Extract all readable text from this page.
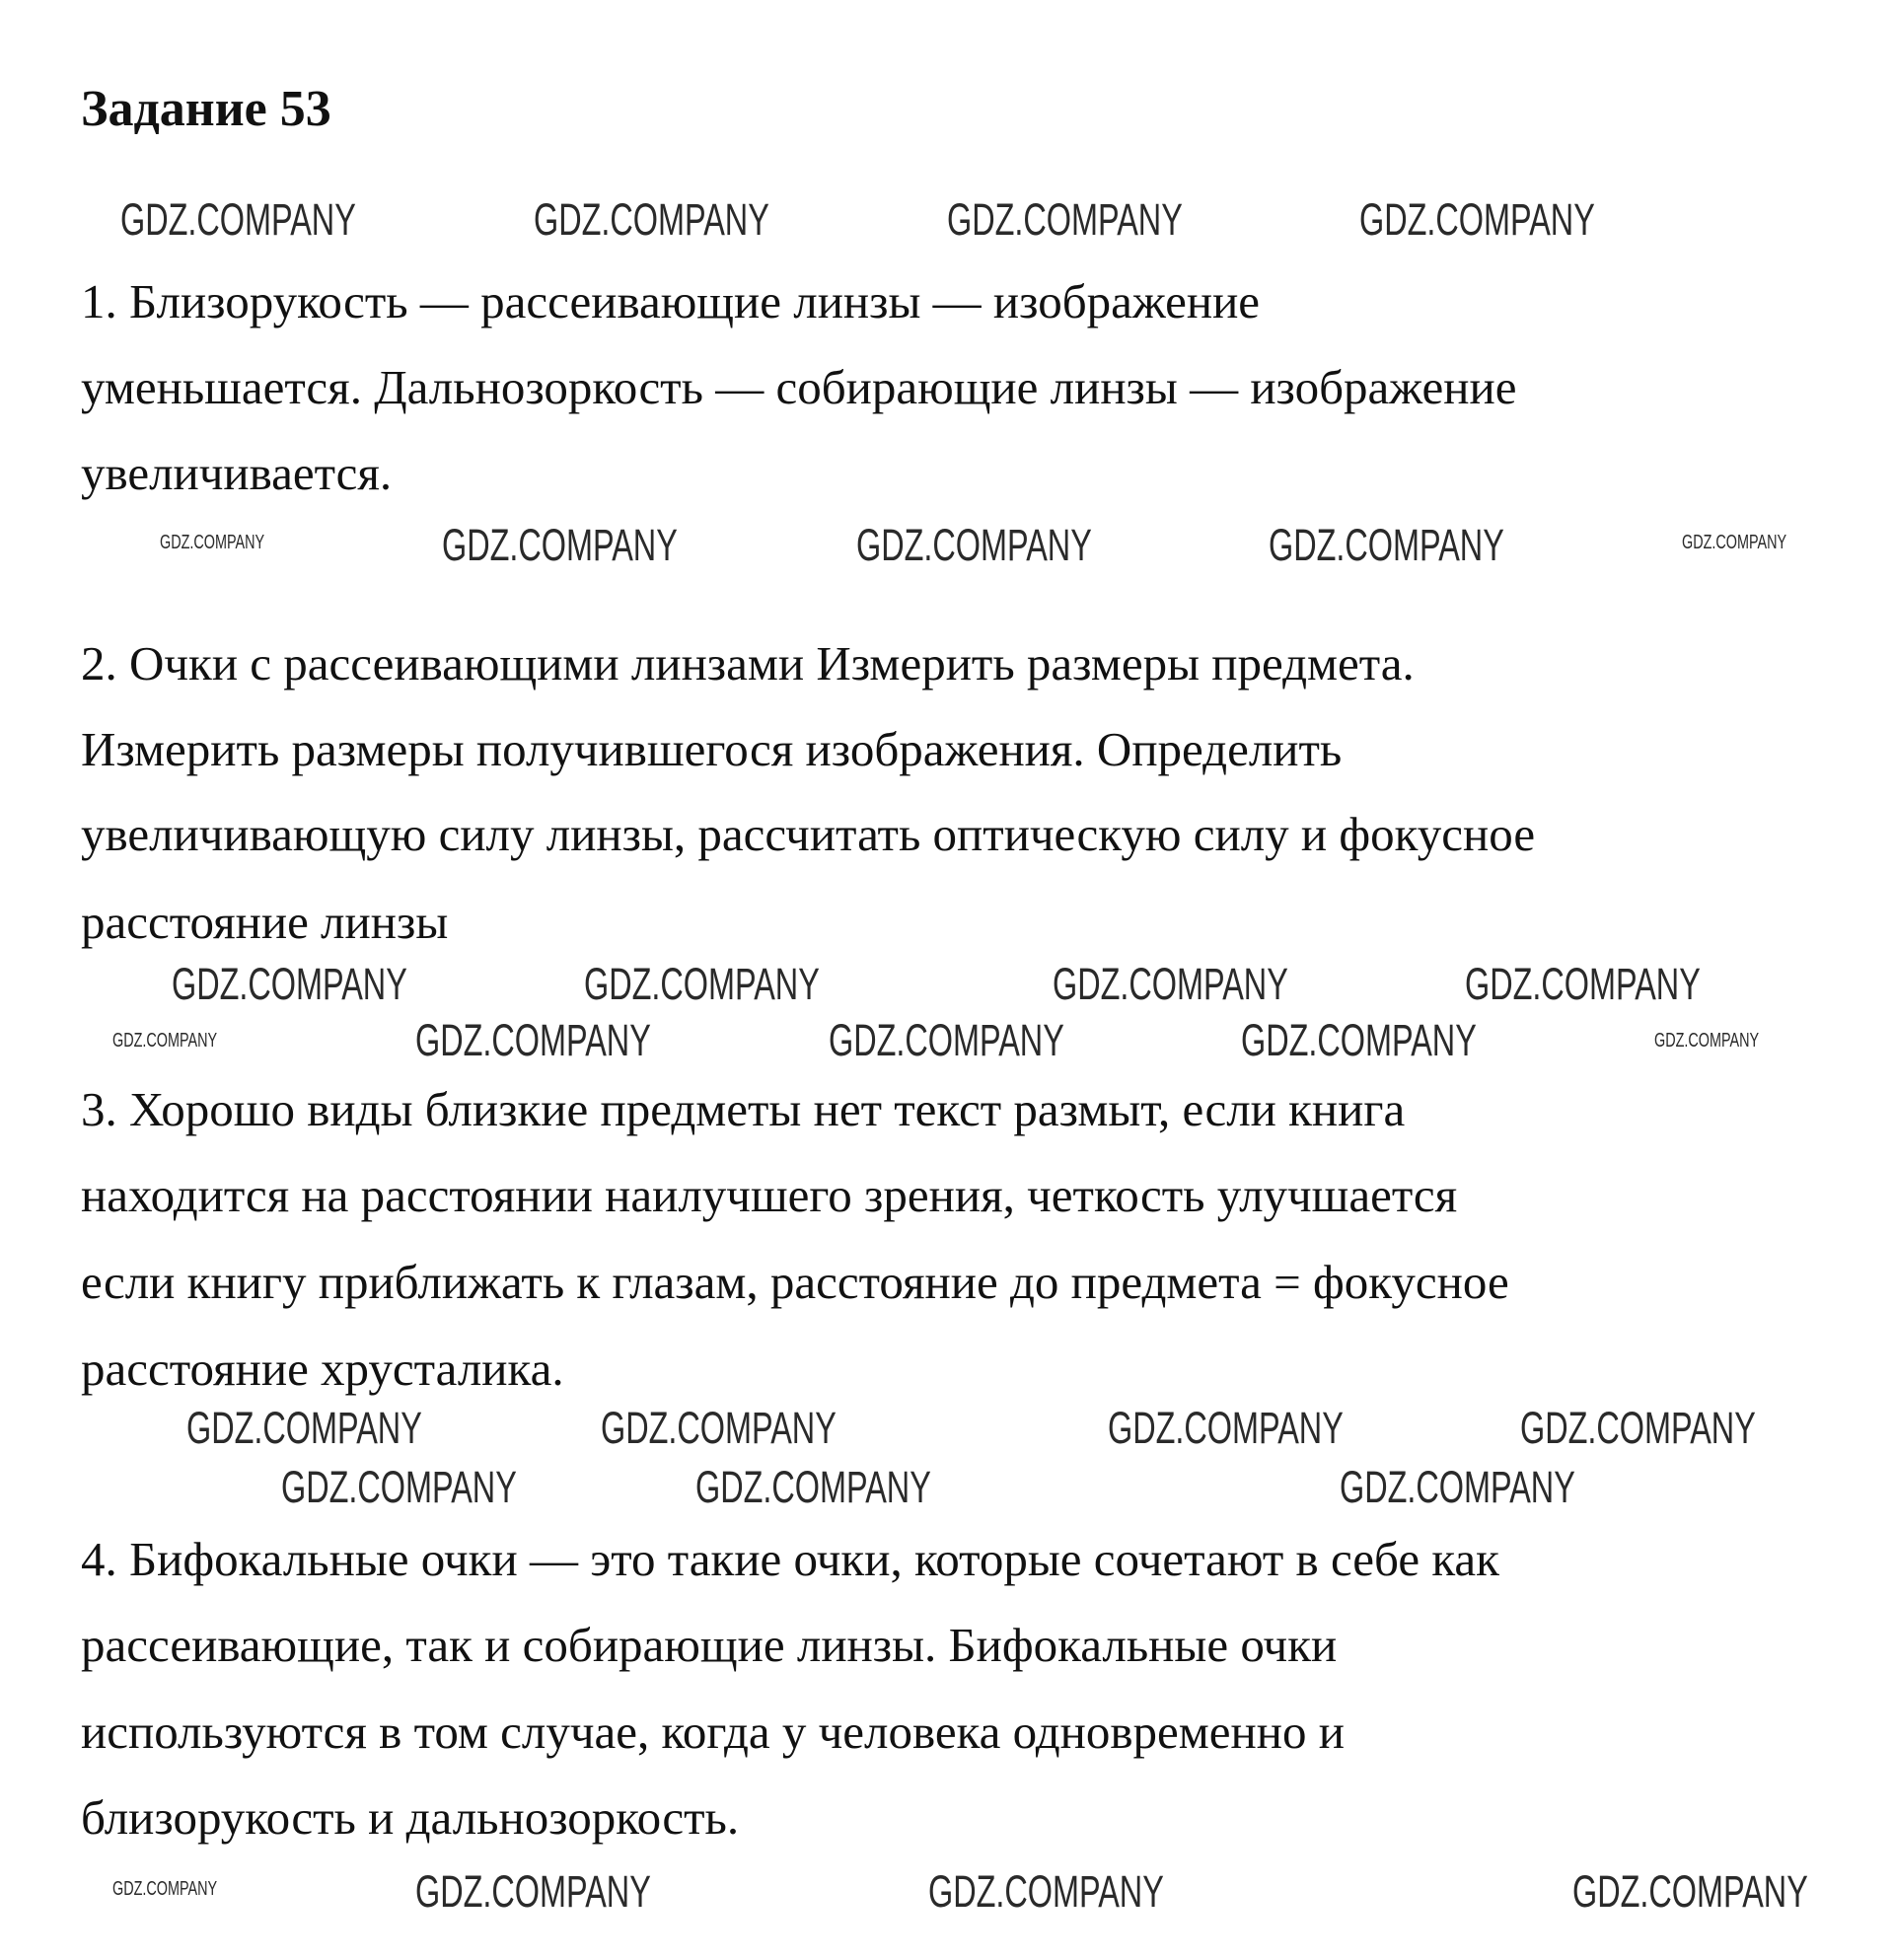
Задание 53
1. Близорукость — рассеивающие линзы — изображение
уменьшается. Дальнозоркость — собирающие линзы — изображение
увеличивается.
2. Очки с рассеивающими линзами Измерить размеры предмета.
Измерить размеры получившегося изображения. Определить
увеличивающую силу линзы, рассчитать оптическую силу и фокусное
расстояние линзы
3. Хорошо виды близкие предметы нет текст размыт, если книга
находится на расстоянии наилучшего зрения, четкость улучшается
если книгу приближать к глазам, расстояние до предмета = фокусное
расстояние хрусталика.
4. Бифокальные очки — это такие очки, которые сочетают в себе как
рассеивающие, так и собирающие линзы. Бифокальные очки
используются в том случае, когда у человека одновременно и
близорукость и дальнозоркость.
GDZ.COMPANY	GDZ.COMPANY	GDZ.COMPANY	GDZ.COMPANY
GDZ.COMPANY	GDZ.COMPANY	GDZ.COMPANY	GDZ.COMPANY
GDZ.COMPANY
GDZ.COMPANY	GDZ.COMPANY	GDZ.COMPANY	GDZ.COMPANY
GDZ.COMPANY	GDZ.COMPANY	GDZ.COMPANY
GDZ.COMPANY
GDZ.COMPANY
GDZ.COMPANY	GDZ.COMPANY	GDZ.COMPANY	GDZ.COMPANY
GDZ.COMPANY	GDZ.COMPANY
GDZ.COMPANY
GDZ.COMPANY
GDZ.COMPANY	GDZ.COMPANY
GDZ.COMPANY
